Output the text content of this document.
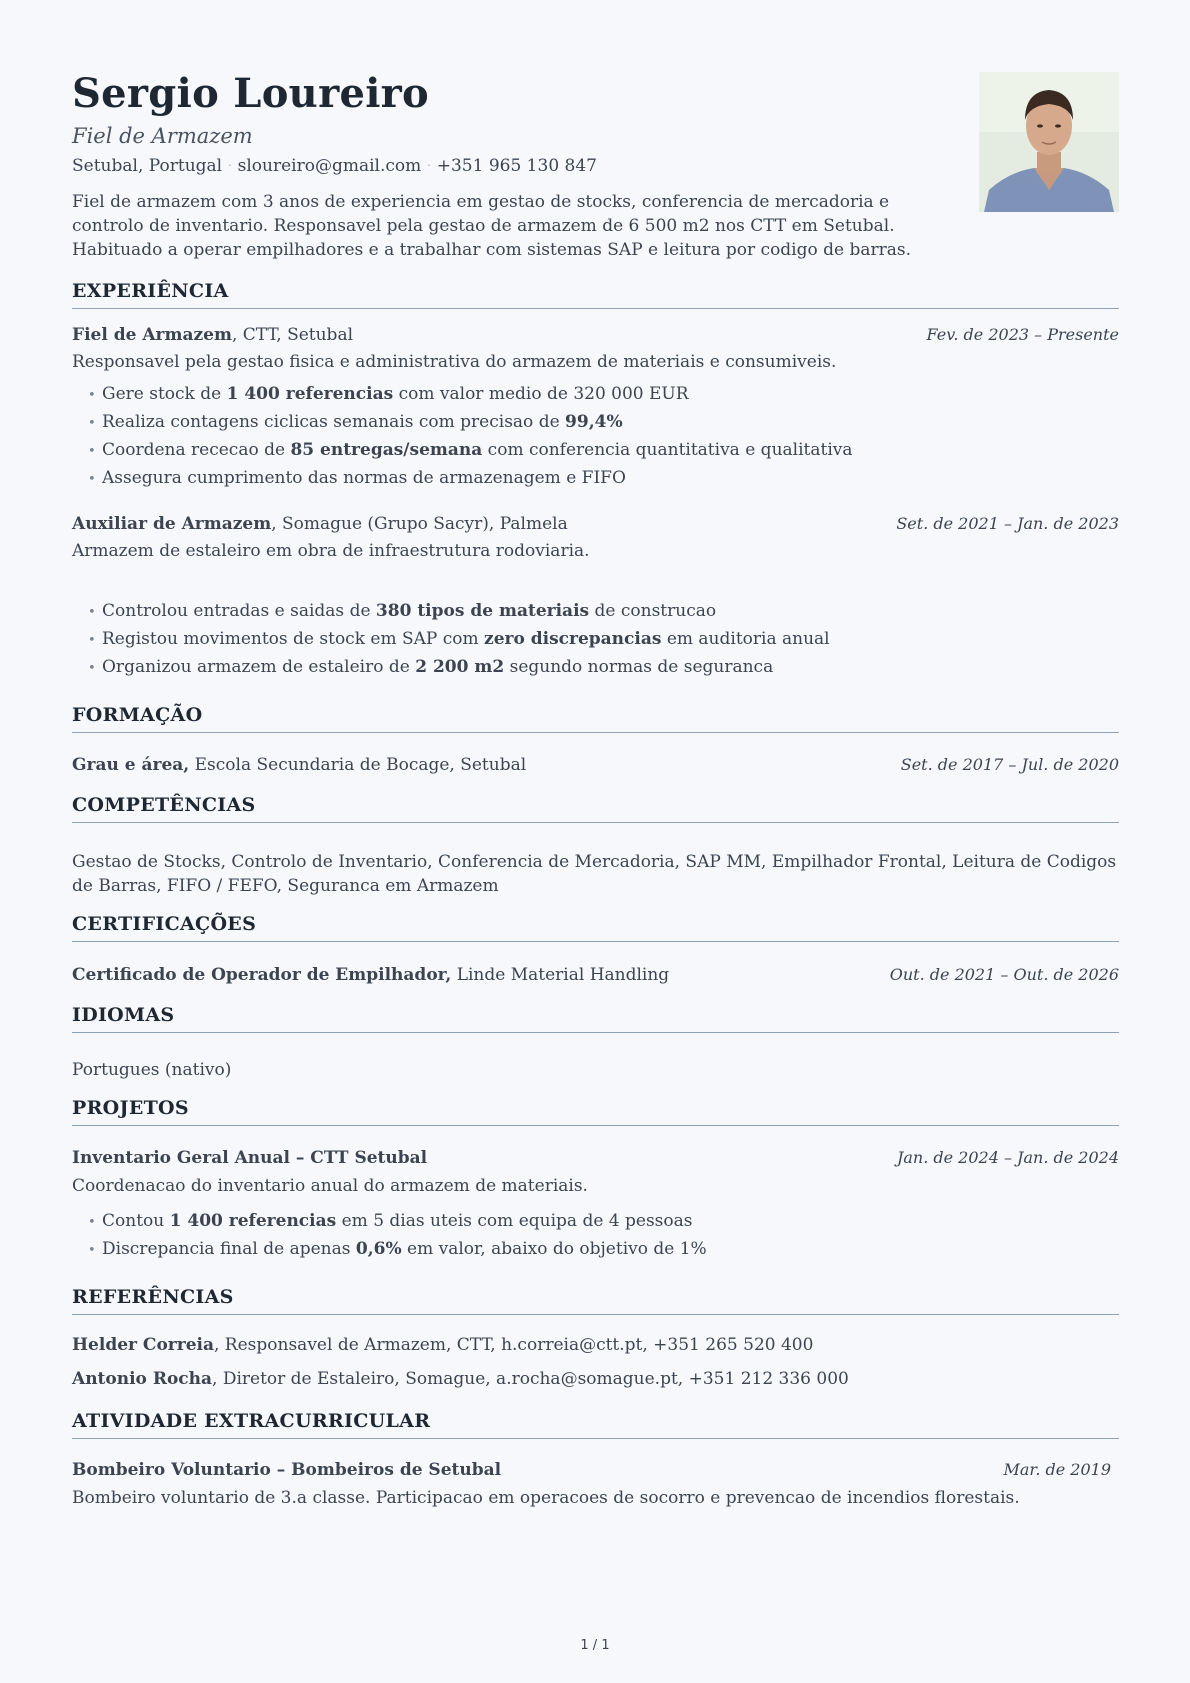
Sergio Loureiro
Fiel de Armazem
Setubal, Portugal · sloureiro@gmail.com · +351 965 130 847
Fiel de armazem com 3 anos de experiencia em gestao de stocks, conferencia de mercadoria e controlo de inventario. Responsavel pela gestao de armazem de 6 500 m2 nos CTT em Setubal. Habituado a operar empilhadores e a trabalhar com sistemas SAP e leitura por codigo de barras.
EXPERIÊNCIA
Fiel de Armazem, CTT, Setubal	Fev. de 2023 – Presente
Responsavel pela gestao fisica e administrativa do armazem de materiais e consumiveis.
• Gere stock de 1 400 referencias com valor medio de 320 000 EUR
• Realiza contagens ciclicas semanais com precisao de 99,4%
• Coordena rececao de 85 entregas/semana com conferencia quantitativa e qualitativa
• Assegura cumprimento das normas de armazenagem e FIFO
Auxiliar de Armazem, Somague (Grupo Sacyr), Palmela	Set. de 2021 – Jan. de 2023
Armazem de estaleiro em obra de infraestrutura rodoviaria.
• Controlou entradas e saidas de 380 tipos de materiais de construcao
• Registou movimentos de stock em SAP com zero discrepancias em auditoria anual
• Organizou armazem de estaleiro de 2 200 m2 segundo normas de seguranca
FORMAÇÃO
Grau e área, Escola Secundaria de Bocage, Setubal	Set. de 2017 – Jul. de 2020
COMPETÊNCIAS
Gestao de Stocks, Controlo de Inventario, Conferencia de Mercadoria, SAP MM, Empilhador Frontal, Leitura de Codigos de Barras, FIFO / FEFO, Seguranca em Armazem
CERTIFICAÇÕES
Certificado de Operador de Empilhador, Linde Material Handling	Out. de 2021 – Out. de 2026
IDIOMAS
Portugues (nativo)
PROJETOS
Inventario Geral Anual – CTT Setubal	Jan. de 2024 – Jan. de 2024
Coordenacao do inventario anual do armazem de materiais.
• Contou 1 400 referencias em 5 dias uteis com equipa de 4 pessoas
• Discrepancia final de apenas 0,6% em valor, abaixo do objetivo de 1%
REFERÊNCIAS
Helder Correia, Responsavel de Armazem, CTT, h.correia@ctt.pt, +351 265 520 400
Antonio Rocha, Diretor de Estaleiro, Somague, a.rocha@somague.pt, +351 212 336 000
ATIVIDADE EXTRACURRICULAR
Bombeiro Voluntario – Bombeiros de Setubal	Mar. de 2019
Bombeiro voluntario de 3.a classe. Participacao em operacoes de socorro e prevencao de incendios florestais.
1 / 1
